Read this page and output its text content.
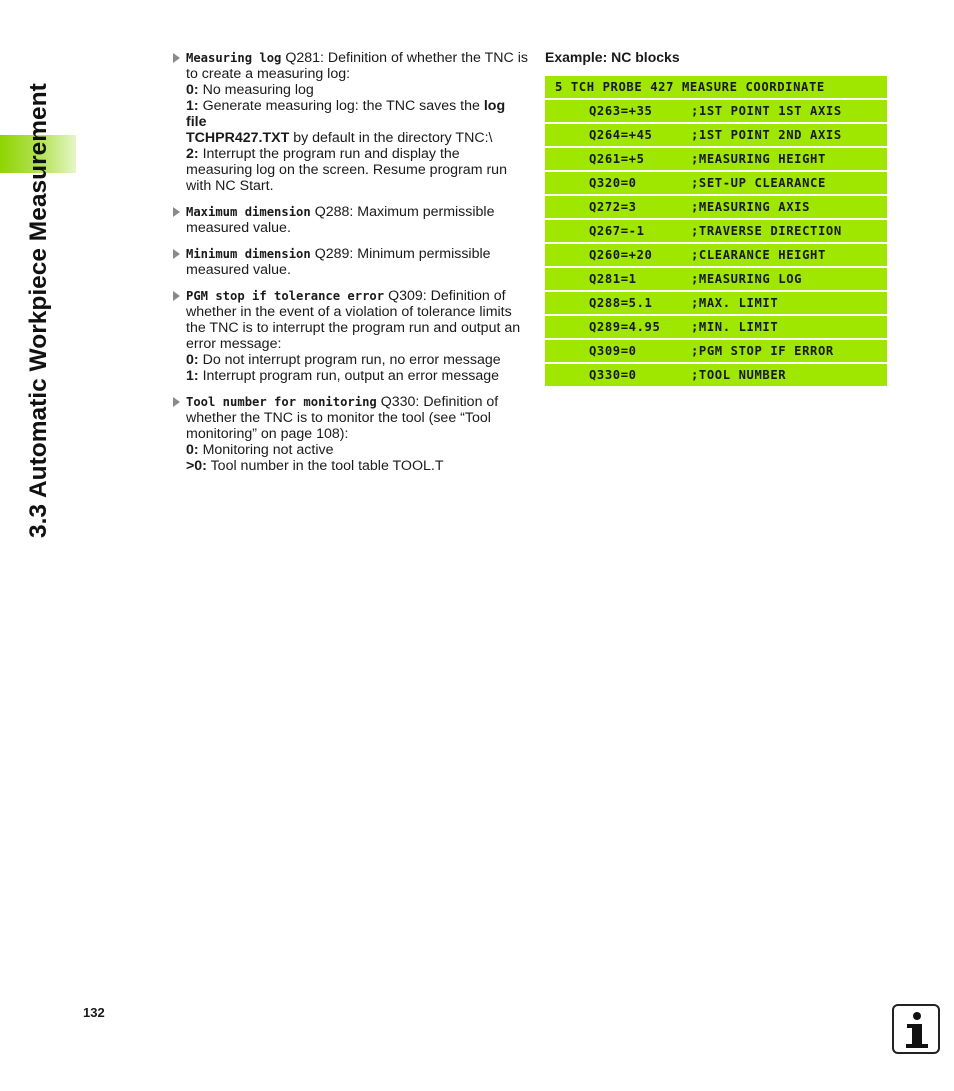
3.3 Automatic Workpiece Measurement
Measuring log Q281: Definition of whether the TNC is
to create a measuring log:
0: No measuring log
1: Generate measuring log: the TNC saves the log file
TCHPR427.TXT by default in the directory TNC:\
2: Interrupt the program run and display the
measuring log on the screen. Resume program run
with NC Start.
Maximum dimension Q288: Maximum permissible
measured value.
Minimum dimension Q289: Minimum permissible
measured value.
PGM stop if tolerance error Q309: Definition of
whether in the event of a violation of tolerance limits
the TNC is to interrupt the program run and output an
error message:
0: Do not interrupt program run, no error message
1: Interrupt program run, output an error message
Tool number for monitoring Q330: Definition of
whether the TNC is to monitor the tool (see “Tool
monitoring” on page 108):
0: Monitoring not active
>0: Tool number in the tool table TOOL.T
Example: NC blocks
5 TCH PROBE 427 MEASURE COORDINATE
Q263=+35	;1ST POINT 1ST AXIS
Q264=+45	;1ST POINT 2ND AXIS
Q261=+5	;MEASURING HEIGHT
Q320=0	;SET-UP CLEARANCE
Q272=3	;MEASURING AXIS
Q267=-1	;TRAVERSE DIRECTION
Q260=+20	;CLEARANCE HEIGHT
Q281=1	;MEASURING LOG
Q288=5.1	;MAX. LIMIT
Q289=4.95	;MIN. LIMIT
Q309=0	;PGM STOP IF ERROR
Q330=0	;TOOL NUMBER
132
